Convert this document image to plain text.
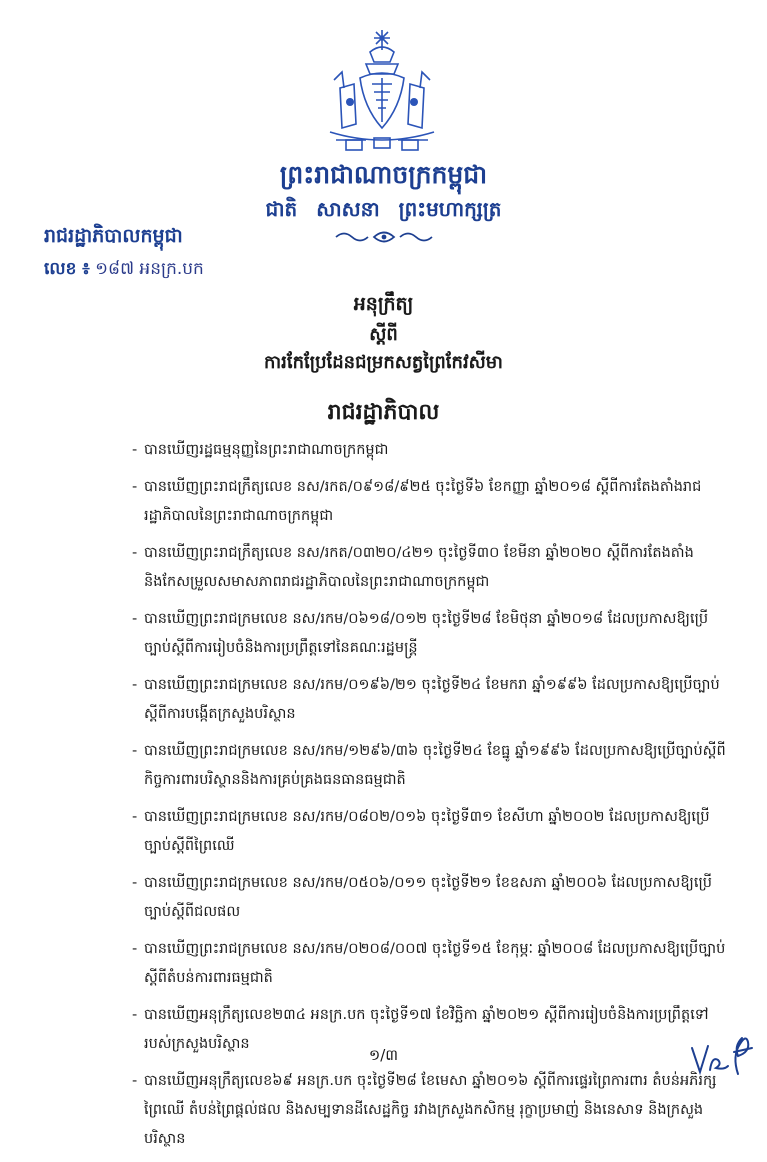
ព្រះរាជាណាចក្រកម្ពុជា
ជាតិ សាសនា ព្រះមហាក្សត្រ
រាជរដ្ឋាភិបាលកម្ពុជា
លេខ ៖ ១៨៧ អនក្រ.បក
អនុក្រឹត្យ
ស្ដីពី
ការកែប្រែដែនជម្រកសត្វព្រៃកែវសីមា
រាជរដ្ឋាភិបាល
- បានឃើញរដ្ឋធម្មនុញ្ញនៃព្រះរាជាណាចក្រកម្ពុជា
- បានឃើញព្រះរាជក្រឹត្យលេខ នស/រកត/០៩១៨/៩២៥ ចុះថ្ងៃទី៦ ខែកញ្ញា ឆ្នាំ២០១៨ ស្តីពីការតែងតាំងរាជរដ្ឋាភិបាលនៃព្រះរាជាណាចក្រកម្ពុជា
- បានឃើញព្រះរាជក្រឹត្យលេខ នស/រកត/០៣២០/៤២១ ចុះថ្ងៃទី៣០ ខែមីនា ឆ្នាំ២០២០ ស្តីពីការតែងតាំងនិងកែសម្រួលសមាសភាពរាជរដ្ឋាភិបាលនៃព្រះរាជាណាចក្រកម្ពុជា
- បានឃើញព្រះរាជក្រមលេខ នស/រកម/០៦១៨/០១២ ចុះថ្ងៃទី២៨ ខែមិថុនា ឆ្នាំ២០១៨ ដែលប្រកាសឱ្យប្រើច្បាប់ស្តីពីការរៀបចំនិងការប្រព្រឹត្តទៅនៃគណៈរដ្ឋមន្ត្រី
- បានឃើញព្រះរាជក្រមលេខ នស/រកម/០១៩៦/២១ ចុះថ្ងៃទី២៤ ខែមករា ឆ្នាំ១៩៩៦ ដែលប្រកាសឱ្យប្រើច្បាប់ស្តីពីការបង្កើតក្រសួងបរិស្ថាន
- បានឃើញព្រះរាជក្រមលេខ នស/រកម/១២៩៦/៣៦ ចុះថ្ងៃទី២៤ ខែធ្នូ ឆ្នាំ១៩៩៦ ដែលប្រកាសឱ្យប្រើច្បាប់ស្តីពីកិច្ចការពារបរិស្ថាននិងការគ្រប់គ្រងធនធានធម្មជាតិ
- បានឃើញព្រះរាជក្រមលេខ នស/រកម/០៨០២/០១៦ ចុះថ្ងៃទី៣១ ខែសីហា ឆ្នាំ២០០២ ដែលប្រកាសឱ្យប្រើច្បាប់ស្តីពីព្រៃឈើ
- បានឃើញព្រះរាជក្រមលេខ នស/រកម/០៥០៦/០១១ ចុះថ្ងៃទី២១ ខែឧសភា ឆ្នាំ២០០៦ ដែលប្រកាសឱ្យប្រើច្បាប់ស្តីពីជលផល
- បានឃើញព្រះរាជក្រមលេខ នស/រកម/០២០៨/០០៧ ចុះថ្ងៃទី១៥ ខែកុម្ភៈ ឆ្នាំ២០០៨ ដែលប្រកាសឱ្យប្រើច្បាប់ស្តីពីតំបន់ការពារធម្មជាតិ
- បានឃើញអនុក្រឹត្យលេខ២៣៤ អនក្រ.បក ចុះថ្ងៃទី១៧ ខែវិច្ឆិកា ឆ្នាំ២០២១ ស្តីពីការរៀបចំនិងការប្រព្រឹត្តទៅរបស់ក្រសួងបរិស្ថាន
- បានឃើញអនុក្រឹត្យលេខ៦៩ អនក្រ.បក ចុះថ្ងៃទី២៨ ខែមេសា ឆ្នាំ២០១៦ ស្តីពីការផ្ទេរព្រៃការពារ តំបន់អភិរក្សព្រៃឈើ តំបន់ព្រៃផ្តល់ផល និងសម្បទានដីសេដ្ឋកិច្ច រវាងក្រសួងកសិកម្ម រុក្ខាប្រមាញ់ និងនេសាទ និងក្រសួងបរិស្ថាន
១/៣
